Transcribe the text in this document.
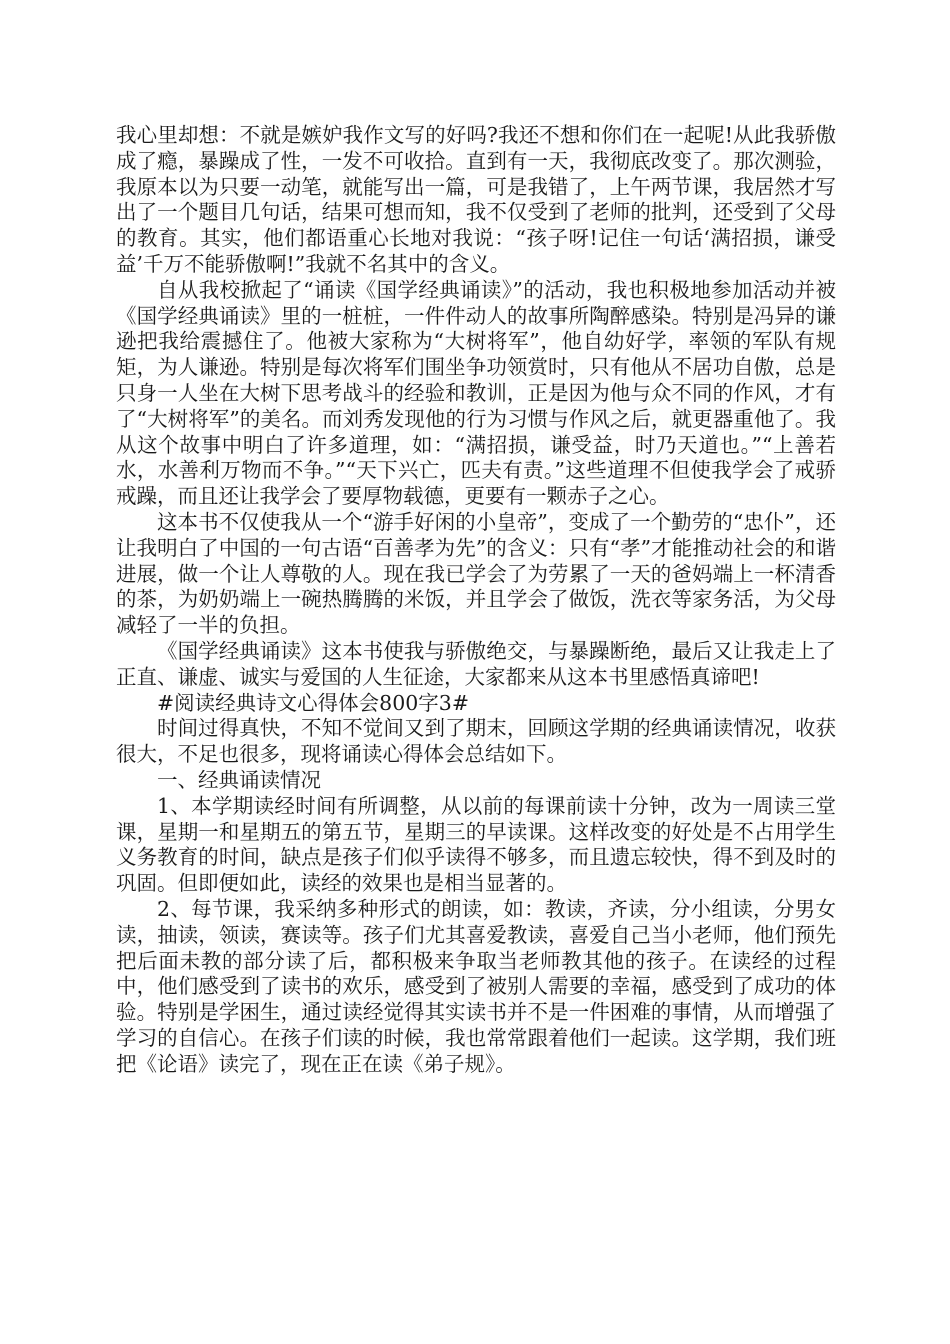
我心里却想：不就是嫉妒我作文写的好吗?我还不想和你们在一起呢!从此我骄傲成了瘾，暴躁成了性，一发不可收拾。直到有一天，我彻底改变了。那次测验，我原本以为只要一动笔，就能写出一篇，可是我错了，上午两节课，我居然才写出了一个题目几句话，结果可想而知，我不仅受到了老师的批判，还受到了父母的教育。其实，他们都语重心长地对我说：“孩子呀!记住一句话‘满招损，谦受益’千万不能骄傲啊!”我就不名其中的含义。

自从我校掀起了“诵读《国学经典诵读》”的活动，我也积极地参加活动并被《国学经典诵读》里的一桩桩，一件件动人的故事所陶醉感染。特别是冯异的谦逊把我给震撼住了。他被大家称为“大树将军”，他自幼好学，率领的军队有规矩，为人谦逊。特别是每次将军们围坐争功领赏时，只有他从不居功自傲，总是只身一人坐在大树下思考战斗的经验和教训，正是因为他与众不同的作风，才有了“大树将军”的美名。而刘秀发现他的行为习惯与作风之后，就更器重他了。我从这个故事中明白了许多道理，如：“满招损，谦受益，时乃天道也。”“上善若水，水善利万物而不争。”“天下兴亡，匹夫有责。”这些道理不但使我学会了戒骄戒躁，而且还让我学会了要厚物载德，更要有一颗赤子之心。

这本书不仅使我从一个“游手好闲的小皇帝”，变成了一个勤劳的“忠仆”，还让我明白了中国的一句古语“百善孝为先”的含义：只有“孝”才能推动社会的和谐进展，做一个让人尊敬的人。现在我已学会了为劳累了一天的爸妈端上一杯清香的茶，为奶奶端上一碗热腾腾的米饭，并且学会了做饭，洗衣等家务活，为父母减轻了一半的负担。

《国学经典诵读》这本书使我与骄傲绝交，与暴躁断绝，最后又让我走上了正直、谦虚、诚实与爱国的人生征途，大家都来从这本书里感悟真谛吧!

#阅读经典诗文心得体会800字3#

时间过得真快，不知不觉间又到了期末，回顾这学期的经典诵读情况，收获很大，不足也很多，现将诵读心得体会总结如下。

一、经典诵读情况

1、本学期读经时间有所调整，从以前的每课前读十分钟，改为一周读三堂课，星期一和星期五的第五节，星期三的早读课。这样改变的好处是不占用学生义务教育的时间，缺点是孩子们似乎读得不够多，而且遗忘较快，得不到及时的巩固。但即便如此，读经的效果也是相当显著的。

2、每节课，我采纳多种形式的朗读，如：教读，齐读，分小组读，分男女读，抽读，领读，赛读等。孩子们尤其喜爱教读，喜爱自己当小老师，他们预先把后面未教的部分读了后，都积极来争取当老师教其他的孩子。在读经的过程中，他们感受到了读书的欢乐，感受到了被别人需要的幸福，感受到了成功的体验。特别是学困生，通过读经觉得其实读书并不是一件困难的事情，从而增强了学习的自信心。在孩子们读的时候，我也常常跟着他们一起读。这学期，我们班把《论语》读完了，现在正在读《弟子规》。
